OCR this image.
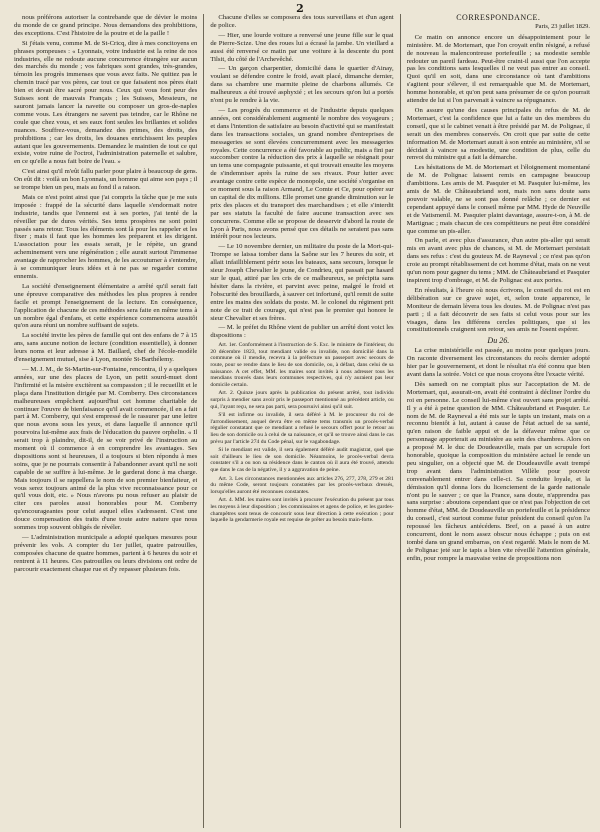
2

nous préférons autoriser la contrebande que de dévier le moins du monde de ce grand principe. Nous demandons des prohibitions, des exceptions. C'est l'histoire de la poutre et de la paille !

Si j'étais venu, comme M. de St-Cricq, dire à mes concitoyens en phrases pompeuses : « Lyonnais, votre industrie est la reine de nos industries, elle ne redoute aucune concurrence étrangère sur aucun des marchés du monde ; vos fabriques sont grandes, très-grandes, témoin les progrès immenses que vous avez faits. Ne quittez pas le chemin tracé par vos pères, car tout ce que faisaient nos pères était bien et devait être sacré pour nous. Ceux qui vous font peur des Suisses sont de mauvais Français ; les Suisses, Messieurs, ne sauront jamais lancer la navette ou composer un gros-de-naples comme vous. Les étrangers ne savent pas teindre, car le Rhône ne coule que chez vous, et ses eaux font seules les brillantes et solides nuances. Souffrez-vous, demandez des primes, des droits, des prohibitions ; car les droits, les douanes enrichissent les peuples autant que les gouvernements. Demandez le maintien de tout ce qui existe, votre ruine de l'octroi, l'administration paternelle et salubre, en ce qu'elle a nous fait boire de l'eau. »

C'est ainsi qu'il m'eût fallu parler pour plaire à beaucoup de gens. On eût dit : voilà un bon Lyonnais, un homme qui aime son pays ; il se trompe bien un peu, mais au fond il a raison.

Mais ce n'est point ainsi que j'ai compris la tâche que je me suis imposée : frappé de la sécurité dans laquelle s'endormait notre industrie, tandis que l'ennemi est à ses portes, j'ai tenté de la réveiller par de dures vérités. Ses tems prospères ne sont point passés sans retour. Tous les éléments sont là pour les rappeler et les fixer ; mais il faut que les hommes les préparent et les dirigent. L'association pour les essais serait, je le répète, un grand acheminement vers une régénération ; elle aurait surtout l'immense avantage de rapprocher les hommes, de les accoutumer à s'entendre, à se communiquer leurs idées et à ne pas se regarder comme ennemis.

La société d'enseignement élémentaire a arrêté qu'il serait fait une épreuve comparative des méthodes les plus propres à rendre facile et prompt l'enseignement de la lecture. En conséquence, l'application de chacune de ces méthodes sera faite en même tems à un nombre égal d'enfans, et cette expérience commencera aussitôt qu'on aura réuni un nombre suffisant de sujets.

La société invite les pères de famille qui ont des enfans de 7 à 15 ans, sans aucune notion de lecture (condition essentielle), à donner leurs noms et leur adresse à M. Baillard, chef de l'école-modèle d'enseignement mutuel, sise à Lyon, montée St-Barthélemy.

— M. J. M., de St-Martin-sur-Fontaine, rencontra, il y a quelques années, sur une des places de Lyon, un petit sourd-muet dont l'infirmité et la misère excitèrent sa compassion ; il le recueillit et le plaça dans l'institution dirigée par M. Comberry. Des circonstances malheureuses empêchent aujourd'hui cet homme charitable de continuer l'œuvre de bienfaisance qu'il avait commencée, il en a fait part à M. Comberry, qui s'est empressé de le rassurer par une lettre que nous avons sous les yeux, et dans laquelle il annonce qu'il pourvoira lui-même aux frais de l'éducation du pauvre orphelin. « Il serait trop à plaindre, dit-il, de se voir privé de l'instruction au moment où il commence à en comprendre les avantages. Ses dispositions sont si heureuses, il a toujours si bien répondu à mes soins, que je ne pourrais consentir à l'abandonner avant qu'il ne soit capable de se suffire à lui-même. Je le garderai donc à ma charge. Mais toujours il se rappellera le nom de son premier bienfaiteur, et vous serez toujours animé de la plus vive reconnaissance pour ce qu'il vous doit, etc. » Nous n'avons pu nous refuser au plaisir de citer ces paroles aussi honorables pour M. Comberry qu'encourageantes pour celui auquel elles s'adressent. C'est une douce compensation des traits d'une toute autre nature que nous sommes trop souvent obligés de révéler.

— L'administration municipale a adopté quelques mesures pour prévenir les vols. A compter du 1er juillet, quatre patrouilles, composées chacune de quatre hommes, partent à 6 heures du soir et rentrent à 11 heures. Ces patrouilles ou leurs divisions ont ordre de parcourir exactement chaque rue et d'y repasser plusieurs fois.

Chacune d'elles se composera des tous surveillans et d'un agent de police.

— Hier, une lourde voiture a renversé une jeune fille sur le quai de Pierre-Scize. Une des roues lui a écrasé la jambe. Un vieillard a aussi été renversé ce matin par une voiture à la descente du pont Tilsit, du côté de l'Archevêché.

— Un garçon charpentier, domicilié dans le quartier d'Ainay, voulant se défendre contre le froid, avait placé, dimanche dernier, dans sa chambre une marmite pleine de charbons allumés. Ce malheureux a été trouvé asphyxié ; et les secours qu'on lui a portés n'ont pu le rendre à la vie.

— Les progrès du commerce et de l'industrie depuis quelques années, ont considérablement augmenté le nombre des voyageurs ; et dans l'intention de satisfaire au besoin d'activité qui se manifestait dans les transactions sociales, un grand nombre d'entreprises de messageries se sont élevées concurremment avec les messageries royales. Cette concurrence a été favorable au public, mais a fini par succomber contre la réduction des prix à laquelle se résignait pour un tems une compagnie puissante, et qui trouvait ensuite les moyens de s'indemniser après la ruine de ses rivaux. Pour lutter avec avantage contre cette espèce de monopole, une société s'organise en ce moment sous la raison Armand, Le Comte et Ce, pour opérer sur un capital de dix millions. Elle promet une grande diminution sur le prix des places et du transport des marchandises ; et elle s'interdit par ses statuts la faculté de faire aucune transaction avec ses concurrens. Comme elle se propose de desservir d'abord la route de Lyon à Paris, nous avons pensé que ces détails ne seraient pas sans intérêt pour nos lecteurs.

— Le 10 novembre dernier, un militaire du poste de la Mort-qui-Trompe se laissa tomber dans la Saône sur les 7 heures du soir, et allait infailliblement périr sous les bateaux, sans secours, lorsque le sieur Joseph Chevalier le jeune, de Condrieu, qui passait par hasard sur le quai, attiré par les cris de ce malheureux, se précipita sans hésiter dans la rivière, et parvint avec peine, malgré le froid et l'obscurité des brouillards, à sauver cet infortuné, qu'il remit de suite entre les mains des soldats du poste. M. le colonel du régiment prit note de ce trait de courage, qui n'est pas le premier qui honore le sieur Chevalier et ses frères.

— M. le préfet du Rhône vient de publier un arrêté dont voici les dispositions :

Art. 1er. Conformément à l'instruction de S. Exc. le ministre de l'intérieur, du 20 décembre 1823, tout mendiant valide ou invalide, non domicilié dans la commune où il mendie, recevra à la préfecture un passeport avec secours de route, pour se rendre dans le lieu de son domicile, ou, à défaut, dans celui de sa naissance. A cet effet, MM. les maires sont invités à nous adresser tous les mendians trouvés dans leurs communes respectives, qui n'y auraient pas leur domicile certain.

Art. 2. Quinze jours après la publication du présent arrêté, tout individu surpris à mendier sans avoir pris le passeport mentionné au précédent article, ou qui, l'ayant reçu, ne sera pas parti, sera poursuivi ainsi qu'il suit.

S'il est infirme ou invalide, il sera déféré à M. le procureur du roi de l'arrondissement, auquel devra être en même tems transmis un procès-verbal régulier constatant que ce mendiant a refusé le secours offert pour le retour au lieu de son domicile ou à celui de sa naissance, et qu'il se trouve ainsi dans le cas prévu par l'article 274 du Code pénal, sur le vagabondage.

Si le mendiant est valide, il sera également déféré audit magistrat, quel que soit d'ailleurs le lieu de son domicile. Néanmoins, le procès-verbal devra constater s'il a ou non sa résidence dans le canton où il aura été trouvé, attendu que dans le cas de la négative, il y a aggravation de peine.

Art. 3. Les circonstances mentionnées aux articles 276, 277, 278, 279 et 281 du même Code, seront toujours constatées par les procès-verbaux dressés, lorsqu'elles auront été reconnues constantes.

Art. 4. MM. les maires sont invités à procurer l'exécution du présent par tous les moyens à leur disposition ; les commissaires et agens de police, et les gardes-champêtres sont tenus de concourir sous leur direction à cette exécution ; pour laquelle la gendarmerie royale est requise de prêter au besoin main-forte.

CORRESPONDANCE.
Paris, 23 juillet 1829.

Ce matin on annonce encore un désappointement pour le ministère. M. de Mortemart, que l'on croyait enfin résigné, a refusé de nouveau la malencontreuse portefeuille ; sa modestie semble redouter un pareil fardeau. Peut-être craint-il aussi que l'on accepte pas les conditions sans lesquelles il ne veut pas entrer au conseil. Quoi qu'il en soit, dans une circonstance où tant d'ambitions s'agitent pour s'élever, il est remarquable que M. de Mortemart, homme honorable, et qu'on peut sans présumer de ce qu'on pourrait attendre de lui si l'on parvenait à vaincre sa répugnance.

On assure qu'une des causes principales du refus de M. de Mortemart, c'est la confidence que lui a faite un des membres du conseil, que si le cabinet venait à être présidé par M. de Polignac, il serait un des membres conservés. On croit que par suite de cette information M. de Mortemart aurait à son entrée au ministère, s'il se décidait à vaincre sa modestie, une condition de plus, celle du renvoi du ministre qui a fait la démarche.

Les hésitations de M. de Mortemart et l'éloignement momentané de M. de Polignac laissent remis en campagne beaucoup d'ambitions. Les amis de M. Pasquier et M. Pasquier lui-même, les amis de M. de Châteaubriand sont, mais non sans doute sans pouvoir valable, ne se sont pas donné relâche ; ce dernier est cependant appuyé dans le conseil même par MM. Hyde de Neuville et de Vatismenil. M. Pasquier plaint davantage, assure-t-on, à M. de Martignac ; mais chacun de ces compétiteurs ne peut être considéré que comme un pis-aller.

On parle, et avec plus d'assurance, d'un autre pis-aller qui serait mis en avant avec plus de chances, si M. de Mortemart persistait dans ses refus : c'est du gouteux M. de Rayneval ; ce n'est pas qu'on croie au prompt rétablissement de cet homme d'état, mais on ne veut qu'un nom pour gagner du tems ; MM. de Châteaubriand et Pasquier inspirent trop d'ombrage, et M. de Polignac est aux portes.

En résultats, à l'heure où nous écrivons, le conseil du roi est en délibération sur ce grave sujet, et, selon toute apparence, le Moniteur de demain lèvera tous les doutes. M. de Polignac n'est pas parti ; il a fait découvrir de ses faits si celui vous pour sur les visages, dans les différens cercles politiques, que si les constitutionnels craignent son retour, ses amis ne l'osent espérer.

Du 26.

La crise ministérielle est passée, au moins pour quelques jours. On raconte diversement les circonstances du recès dernier adopté hier par le gouvernement, et dont le résultat n'a été connu que bien avant dans la soirée. Voici ce que nous croyons être l'exacte vérité.

Dès samedi on ne comptait plus sur l'acceptation de M. de Mortemart, qui, assurait-on, avait été contraint à décliner l'ordre du roi en personne. Le conseil lui-même s'est ouvert sans projet arrêté. Il y a été à peine question de MM. Châteaubriand et Pasquier. Le nom de M. de Rayneval a été mis sur le tapis un instant, mais on a reconnu bientôt à lui, autant à cause de l'état actuel de sa santé, qu'en raison de faible appui et de la défaveur même que ce personnage apporterait au ministère au sein des chambres. Alors on a proposé M. le duc de Doudeauville, mais par un scrupule fort honorable, quoique la composition du ministère actuel le rende un peu singulier, on a objecté que M. de Doudeauville avait trempé trop avant dans l'administration Villèle pour pouvoir convenablement entrer dans celle-ci. Sa conduite loyale, et la démission qu'il donna lors du licenciement de la garde nationale n'ont pu le sauver ; ce que la France, sans doute, n'apprendra pas sans surprise : aboutons cependant que ce n'est pas l'objection de cet homme d'état, MM. de Doudeauville un portefeuille et la présidence du conseil, c'est surtout comme futur président du conseil qu'on l'a repoussé les fâcheux antécédens. Bref, on a passé à un autre concurrent, dont le nom assez obscur nous échappe ; puis on est tombé dans un grand embarras, on s'est regardé. Mais le nom de M. de Polignac jeté sur le tapis a bien vite réveillé l'attention générale, enfin, pour rompre la mauvaise veine de propositions non
